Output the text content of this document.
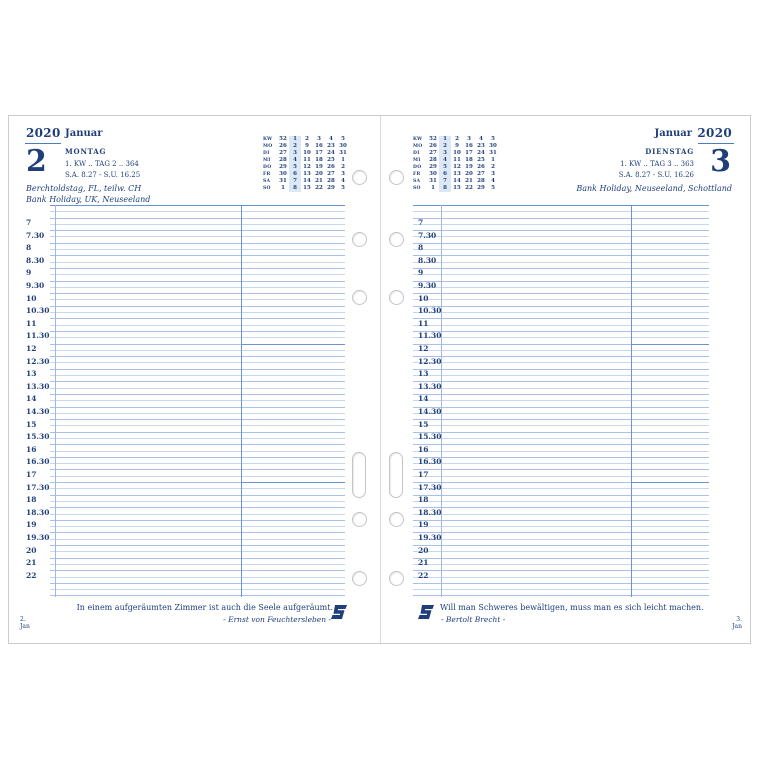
2020 Januar
2	MONTAG
1. KW .. TAG 2 .. 364
S.A. 8.27 - S.U. 16.25
Berchtoldstag, FL, teilw. CH
Bank Holiday, UK, Neuseeland
KW	52	1	2	3	4	5
MO	26	2	9	16	23	30
DI	27	3	10	17	24	31
MI	28	4	11	18	25	1
DO	29	5	12	19	26	2
FR	30	6	13	20	27	3
SA	31	7	14	21	28	4
SO	1	8	15	22	29	5
In einem aufgeräumten Zimmer ist auch die Seele aufgeräumt.
- Ernst von Feuchtersleben -
2.
Jan
7
7.30
8
8.30
9
9.30
10
10.30
11
11.30
12
12.30
13
13.30
14
14.30
15
15.30
16
16.30
17
17.30
18
18.30
19
19.30
20
21
22
2020
Januar
3
DIENSTAG
1. KW .. TAG 3 .. 363
S.A. 8.27 - S.U. 16.26
Bank Holiday, Neuseeland, Schottland
KW	52	1	2	3	4	5
MO	26	2	9	16	23	30
DI	27	3	10	17	24	31
MI	28	4	11	18	25	1
DO	29	5	12	19	26	2
FR	30	6	13	20	27	3
SA	31	7	14	21	28	4
SO	1	8	15	22	29	5
Will man Schweres bewältigen, muss man es sich leicht machen.
- Bertolt Brecht -	3.
Jan
7
7.30
8
8.30
9
9.30
10
10.30
11
11.30
12
12.30
13
13.30
14
14.30
15
15.30
16
16.30
17
17.30
18
18.30
19
19.30
20
21
22
